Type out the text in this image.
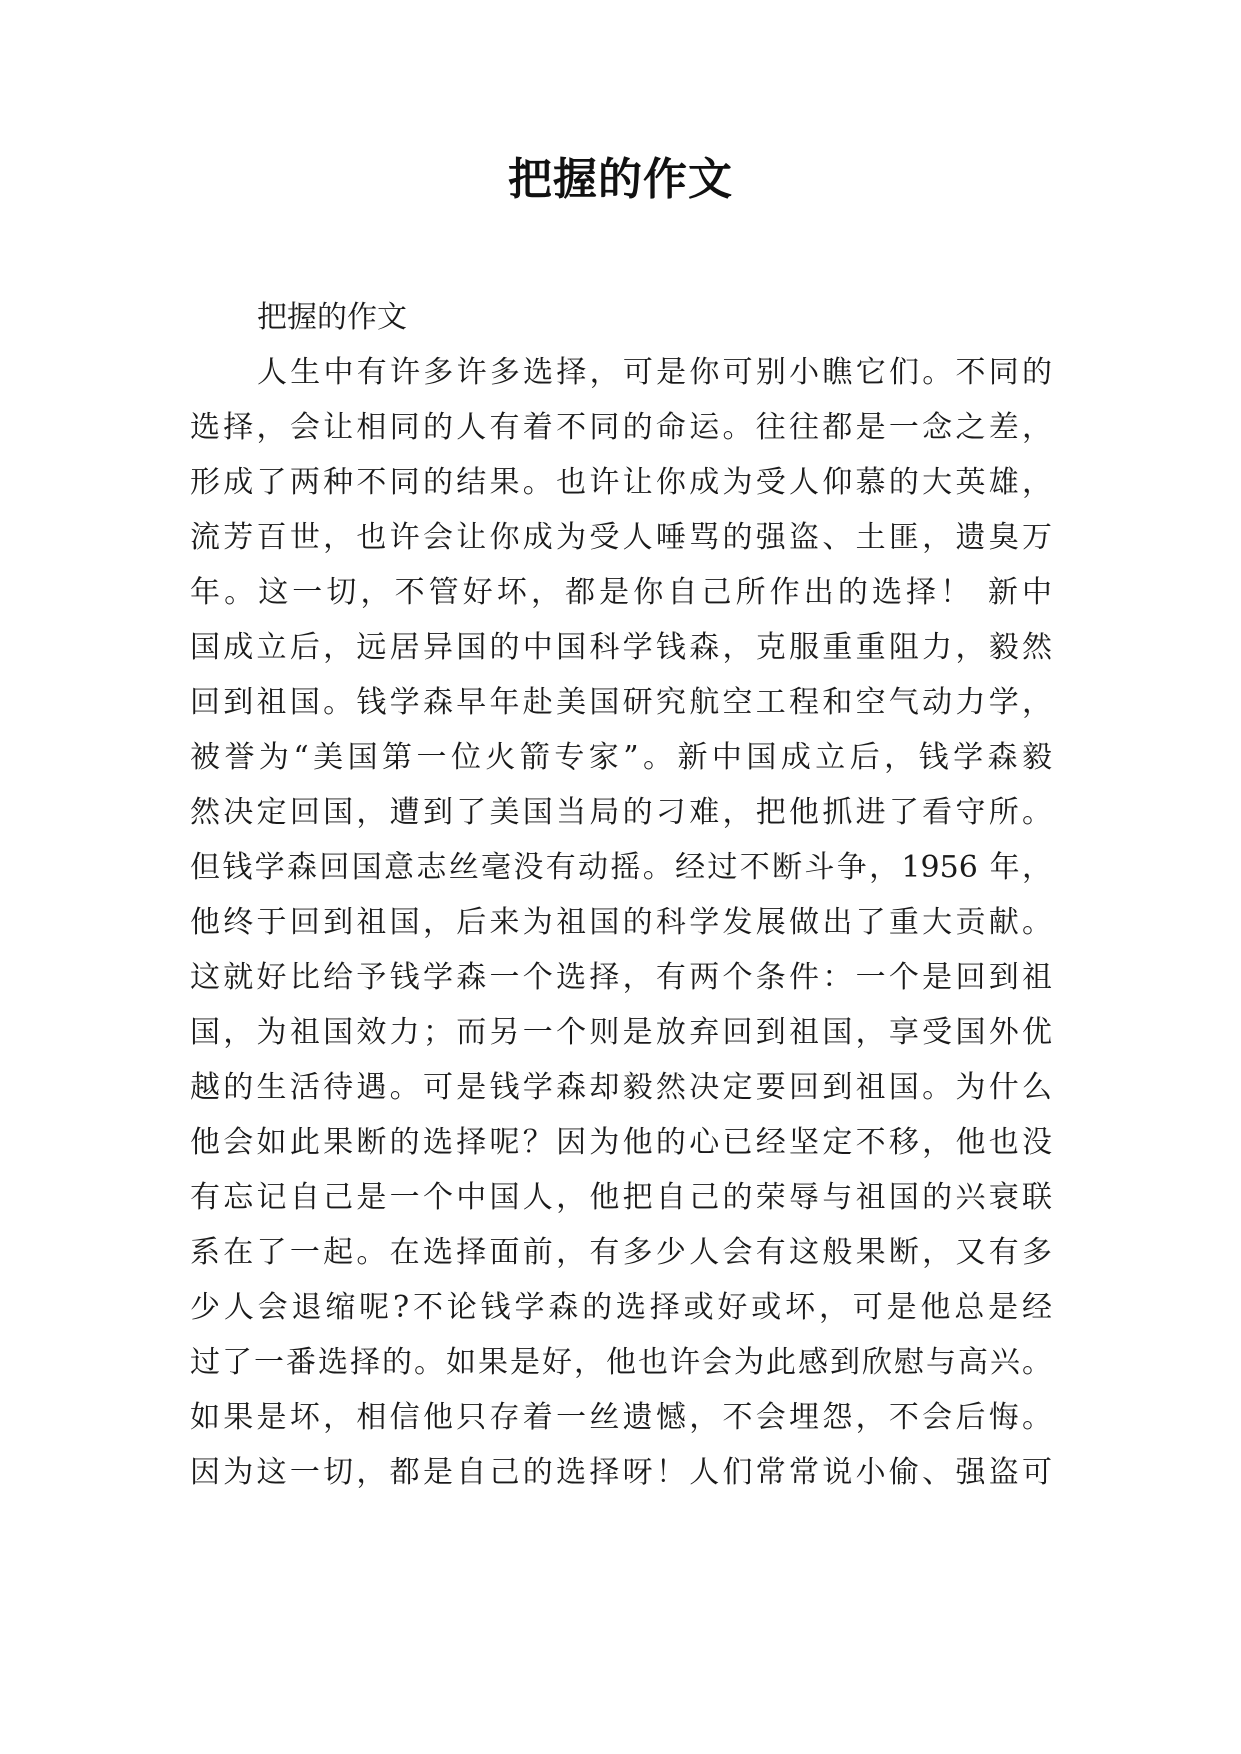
把握的作文
把握的作文
人生中有许多许多选择，可是你可别小瞧它们。不同的
选择，会让相同的人有着不同的命运。往往都是一念之差，
形成了两种不同的结果。也许让你成为受人仰慕的大英雄，
流芳百世，也许会让你成为受人唾骂的强盗、土匪，遗臭万
年。这一切，不管好坏，都是你自己所作出的选择！ 新中
国成立后，远居异国的中国科学钱森，克服重重阻力，毅然
回到祖国。钱学森早年赴美国研究航空工程和空气动力学，
被誉为“美国第一位火箭专家”。新中国成立后，钱学森毅
然决定回国，遭到了美国当局的刁难，把他抓进了看守所。
但钱学森回国意志丝毫没有动摇。经过不断斗争，1956 年，
他终于回到祖国，后来为祖国的科学发展做出了重大贡献。
这就好比给予钱学森一个选择，有两个条件：一个是回到祖
国，为祖国效力；而另一个则是放弃回到祖国，享受国外优
越的生活待遇。可是钱学森却毅然决定要回到祖国。为什么
他会如此果断的选择呢？因为他的心已经坚定不移，他也没
有忘记自己是一个中国人，他把自己的荣辱与祖国的兴衰联
系在了一起。在选择面前，有多少人会有这般果断，又有多
少人会退缩呢?不论钱学森的选择或好或坏，可是他总是经
过了一番选择的。如果是好，他也许会为此感到欣慰与高兴。
如果是坏，相信他只存着一丝遗憾，不会埋怨，不会后悔。
因为这一切，都是自己的选择呀！人们常常说小偷、强盗可
